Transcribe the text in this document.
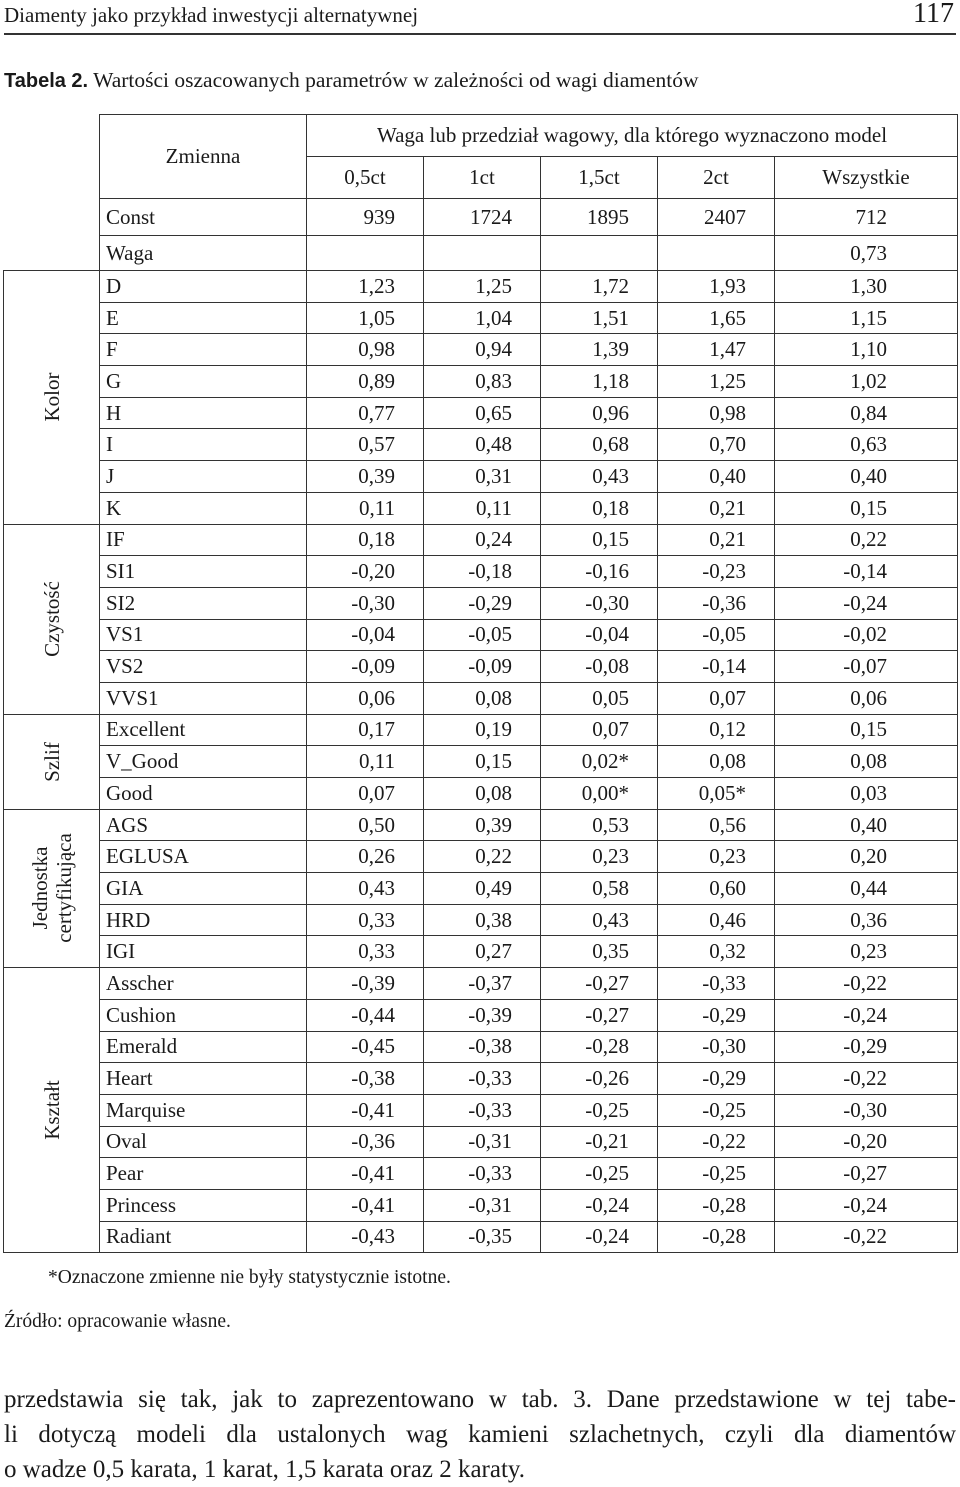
Diamenty jako przykład inwestycji alternatywnej	117
Tabela 2. Wartości oszacowanych parametrów w zależności od wagi diamentów
	Zmienna	Waga lub przedział wagowy, dla którego wyznaczono model				
		0,5ct	1ct	1,5ct	2ct	Wszystkie
	Const	939	1724	1895	2407	712
	Waga					0,73

Kolor	D	1,23	1,25	1,72	1,93	1,30
	E	1,05	1,04	1,51	1,65	1,15
	F	0,98	0,94	1,39	1,47	1,10
	G	0,89	0,83	1,18	1,25	1,02
	H	0,77	0,65	0,96	0,98	0,84
	I	0,57	0,48	0,68	0,70	0,63
	J	0,39	0,31	0,43	0,40	0,40
	K	0,11	0,11	0,18	0,21	0,15

Czystość	IF	0,18	0,24	0,15	0,21	0,22
	SI1	-0,20	-0,18	-0,16	-0,23	-0,14
	SI2	-0,30	-0,29	-0,30	-0,36	-0,24
	VS1	-0,04	-0,05	-0,04	-0,05	-0,02
	VS2	-0,09	-0,09	-0,08	-0,14	-0,07
	VVS1	0,06	0,08	0,05	0,07	0,06

Szlif	Excellent	0,17	0,19	0,07	0,12	0,15
	V_Good	0,11	0,15	0,02*	0,08	0,08
	Good	0,07	0,08	0,00*	0,05*	0,03

Jednostka certyfikująca	AGS	0,50	0,39	0,53	0,56	0,40
	EGLUSA	0,26	0,22	0,23	0,23	0,20
	GIA	0,43	0,49	0,58	0,60	0,44
	HRD	0,33	0,38	0,43	0,46	0,36
	IGI	0,33	0,27	0,35	0,32	0,23

Kształt	Asscher	-0,39	-0,37	-0,27	-0,33	-0,22
	Cushion	-0,44	-0,39	-0,27	-0,29	-0,24
	Emerald	-0,45	-0,38	-0,28	-0,30	-0,29
	Heart	-0,38	-0,33	-0,26	-0,29	-0,22
	Marquise	-0,41	-0,33	-0,25	-0,25	-0,30
	Oval	-0,36	-0,31	-0,21	-0,22	-0,20
	Pear	-0,41	-0,33	-0,25	-0,25	-0,27
	Princess	-0,41	-0,31	-0,24	-0,28	-0,24
	Radiant	-0,43	-0,35	-0,24	-0,28	-0,22
*Oznaczone zmienne nie były statystycznie istotne.
Źródło: opracowanie własne.
przedstawia się tak, jak to zaprezentowano w tab. 3. Dane przedstawione w tej tabe-
li dotyczą modeli dla ustalonych wag kamieni szlachetnych, czyli dla diamentów
o wadze 0,5 karata, 1 karat, 1,5 karata oraz 2 karaty.
